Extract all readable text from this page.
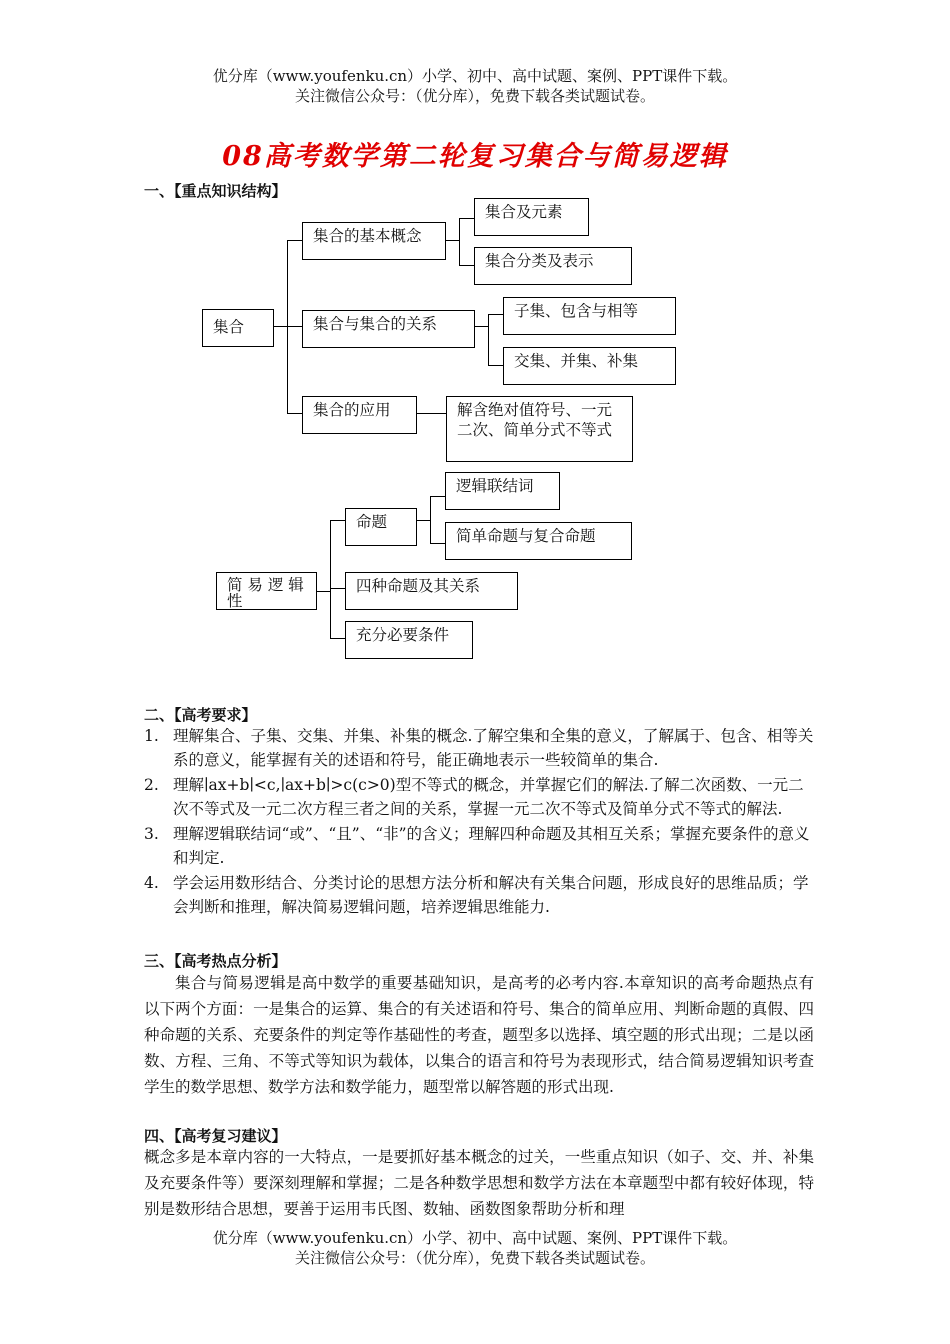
优分库（www.youfenku.cn）小学、初中、高中试题、案例、PPT课件下载。
关注微信公众号：（优分库），免费下载各类试题试卷。
08高考数学第二轮复习集合与简易逻辑
一、【重点知识结构】
集合
集合的基本概念
集合及元素
集合分类及表示
集合与集合的关系
子集、包含与相等
交集、并集、补集
集合的应用	解含绝对值符号、一元二次、简单分式不等式
简 易 逻 辑 性
命题
逻辑联结词
简单命题与复合命题
四种命题及其关系
充分必要条件
二、【高考要求】
1. 理解集合、子集、交集、并集、补集的概念.了解空集和全集的意义，了解属于、包含、相等关系的意义，能掌握有关的述语和符号，能正确地表示一些较简单的集合.
2. 理解∣ax+b∣<c,∣ax+b∣>c(c>0)型不等式的概念，并掌握它们的解法.了解二次函数、一元二次不等式及一元二次方程三者之间的关系，掌握一元二次不等式及简单分式不等式的解法.
3. 理解逻辑联结词“或”、“且”、“非”的含义；理解四种命题及其相互关系；掌握充要条件的意义和判定.
4. 学会运用数形结合、分类讨论的思想方法分析和解决有关集合问题，形成良好的思维品质；学会判断和推理，解决简易逻辑问题，培养逻辑思维能力.
三、【高考热点分析】
集合与简易逻辑是高中数学的重要基础知识，是高考的必考内容.本章知识的高考命题热点有以下两个方面：一是集合的运算、集合的有关述语和符号、集合的简单应用、判断命题的真假、四种命题的关系、充要条件的判定等作基础性的考查，题型多以选择、填空题的形式出现；二是以函数、方程、三角、不等式等知识为载体，以集合的语言和符号为表现形式，结合简易逻辑知识考查学生的数学思想、数学方法和数学能力，题型常以解答题的形式出现.
四、【高考复习建议】
概念多是本章内容的一大特点，一是要抓好基本概念的过关，一些重点知识（如子、交、并、补集及充要条件等）要深刻理解和掌握；二是各种数学思想和数学方法在本章题型中都有较好体现，特别是数形结合思想，要善于运用韦氏图、数轴、函数图象帮助分析和理
优分库（www.youfenku.cn）小学、初中、高中试题、案例、PPT课件下载。
关注微信公众号：（优分库），免费下载各类试题试卷。
